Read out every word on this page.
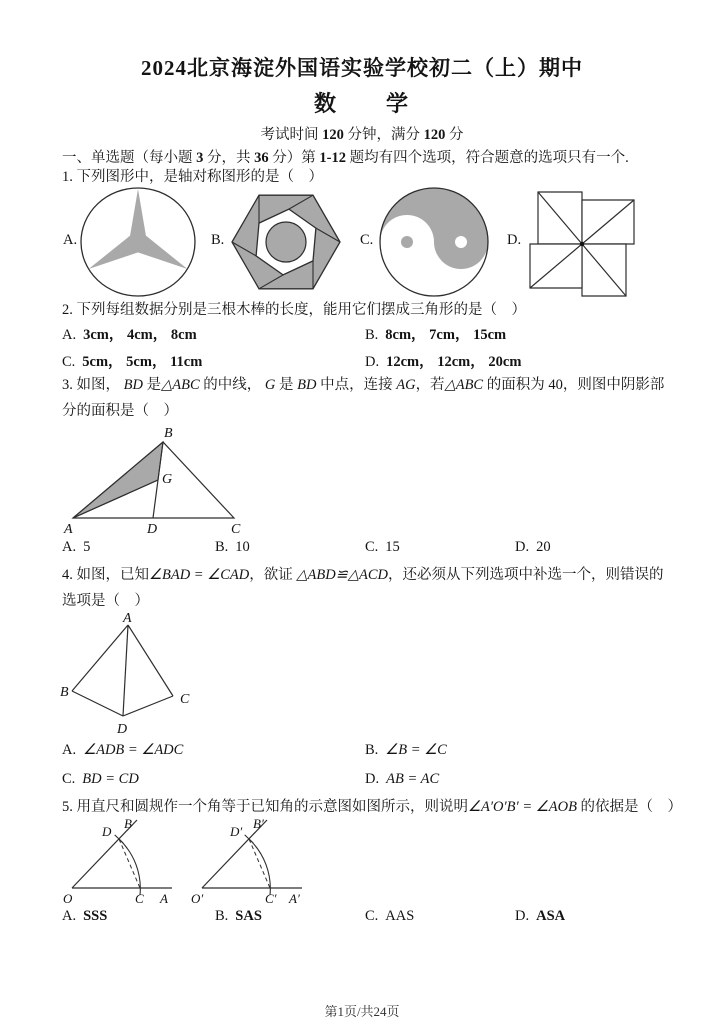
2024北京海淀外国语实验学校初二（上）期中
数　　学
考试时间 120 分钟，满分 120 分
一、单选题（每小题 3 分，共 36 分）第 1-12 题均有四个选项，符合题意的选项只有一个.
1. 下列图形中，是轴对称图形的是（　）
A.	B.	C.	D.
2. 下列每组数据分别是三根木棒的长度，能用它们摆成三角形的是（　）
A. 3cm， 4cm， 8cm	B. 8cm， 7cm， 15cm
C. 5cm， 5cm， 11cm	D. 12cm， 12cm， 20cm
3. 如图， BD 是△ABC 的中线， G 是 BD 中点，连接 AG，若△ABC 的面积为 40，则图中阴影部分的面积是（　）
A
B
C
D
G
A. 5	B. 10	C. 15	D. 20
4. 如图，已知∠BAD = ∠CAD，欲证 △ABD≌△ACD，还必须从下列选项中补选一个，则错误的选项是（　）
A
B	C
D
A. ∠ADB = ∠ADC	B. ∠B = ∠C
C. BD = CD	D. AB = AC
5. 用直尺和圆规作一个角等于已知角的示意图如图所示，则说明∠A′O′B′ = ∠AOB 的依据是（　）
O	C A
D
B
O′	C′ A′
D′
B′
A. SSS	B. SAS	C. AAS	D. ASA
第1页/共24页
